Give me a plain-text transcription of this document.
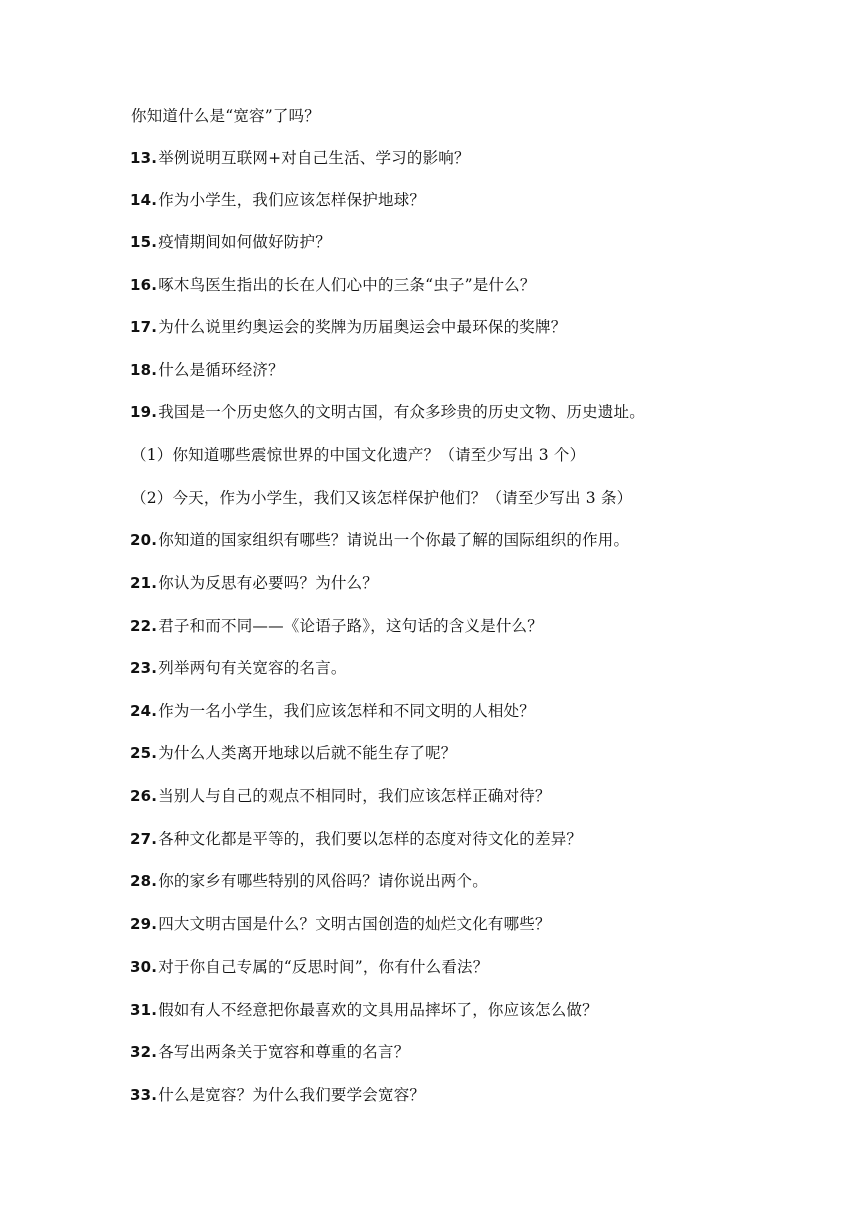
你知道什么是“宽容”了吗？
13.举例说明互联网+对自己生活、学习的影响？
14.作为小学生，我们应该怎样保护地球？
15.疫情期间如何做好防护？
16.啄木鸟医生指出的长在人们心中的三条“虫子”是什么？
17.为什么说里约奥运会的奖牌为历届奥运会中最环保的奖牌？
18.什么是循环经济？
19.我国是一个历史悠久的文明古国，有众多珍贵的历史文物、历史遗址。
（1）你知道哪些震惊世界的中国文化遗产？（请至少写出 3 个）
（2）今天，作为小学生，我们又该怎样保护他们？（请至少写出 3 条）
20.你知道的国家组织有哪些？请说出一个你最了解的国际组织的作用。
21.你认为反思有必要吗？为什么？
22.君子和而不同——《论语子路》，这句话的含义是什么？
23.列举两句有关宽容的名言。
24.作为一名小学生，我们应该怎样和不同文明的人相处？
25.为什么人类离开地球以后就不能生存了呢？
26.当别人与自己的观点不相同时，我们应该怎样正确对待？
27.各种文化都是平等的，我们要以怎样的态度对待文化的差异？
28.你的家乡有哪些特别的风俗吗？请你说出两个。
29.四大文明古国是什么？文明古国创造的灿烂文化有哪些？
30.对于你自己专属的“反思时间”，你有什么看法？
31.假如有人不经意把你最喜欢的文具用品摔坏了，你应该怎么做？
32.各写出两条关于宽容和尊重的名言？
33.什么是宽容？为什么我们要学会宽容？
